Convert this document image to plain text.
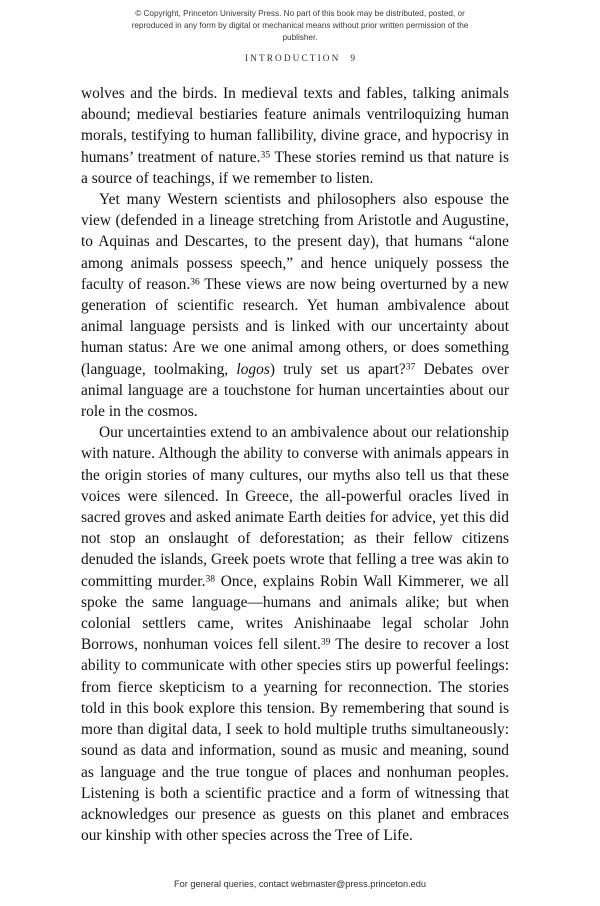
© Copyright, Princeton University Press. No part of this book may be distributed, posted, or reproduced in any form by digital or mechanical means without prior written permission of the publisher.
INTRODUCTION 9

wolves and the birds. In medieval texts and fables, talking animals abound; medieval bestiaries feature animals ventriloquizing human morals, testifying to human fallibility, divine grace, and hypocrisy in humans’ treatment of nature.$^{35}$ These stories remind us that nature is a source of teachings, if we remember to listen.

Yet many Western scientists and philosophers also espouse the view (defended in a lineage stretching from Aristotle and Augustine, to Aquinas and Descartes, to the present day), that humans “alone among animals possess speech,” and hence uniquely possess the faculty of reason.$^{36}$ These views are now being overturned by a new generation of scientific research. Yet human ambivalence about animal language persists and is linked with our uncertainty about human status: Are we one animal among others, or does something (language, toolmaking, logos) truly set us apart?$^{37}$ Debates over animal language are a touchstone for human uncertainties about our role in the cosmos.

Our uncertainties extend to an ambivalence about our relationship with nature. Although the ability to converse with animals appears in the origin stories of many cultures, our myths also tell us that these voices were silenced. In Greece, the all-powerful oracles lived in sacred groves and asked animate Earth deities for advice, yet this did not stop an onslaught of deforestation; as their fellow citizens denuded the islands, Greek poets wrote that felling a tree was akin to committing murder.$^{38}$ Once, explains Robin Wall Kimmerer, we all spoke the same language—humans and animals alike; but when colonial settlers came, writes Anishinaabe legal scholar John Borrows, nonhuman voices fell silent.$^{39}$ The desire to recover a lost ability to communicate with other species stirs up powerful feelings: from fierce skepticism to a yearning for reconnection. The stories told in this book explore this tension. By remembering that sound is more than digital data, I seek to hold multiple truths simultaneously: sound as data and information, sound as music and meaning, sound as language and the true tongue of places and nonhuman peoples. Listening is both a scientific practice and a form of witnessing that acknowledges our presence as guests on this planet and embraces our kinship with other species across the Tree of Life.

For general queries, contact webmaster@press.princeton.edu
